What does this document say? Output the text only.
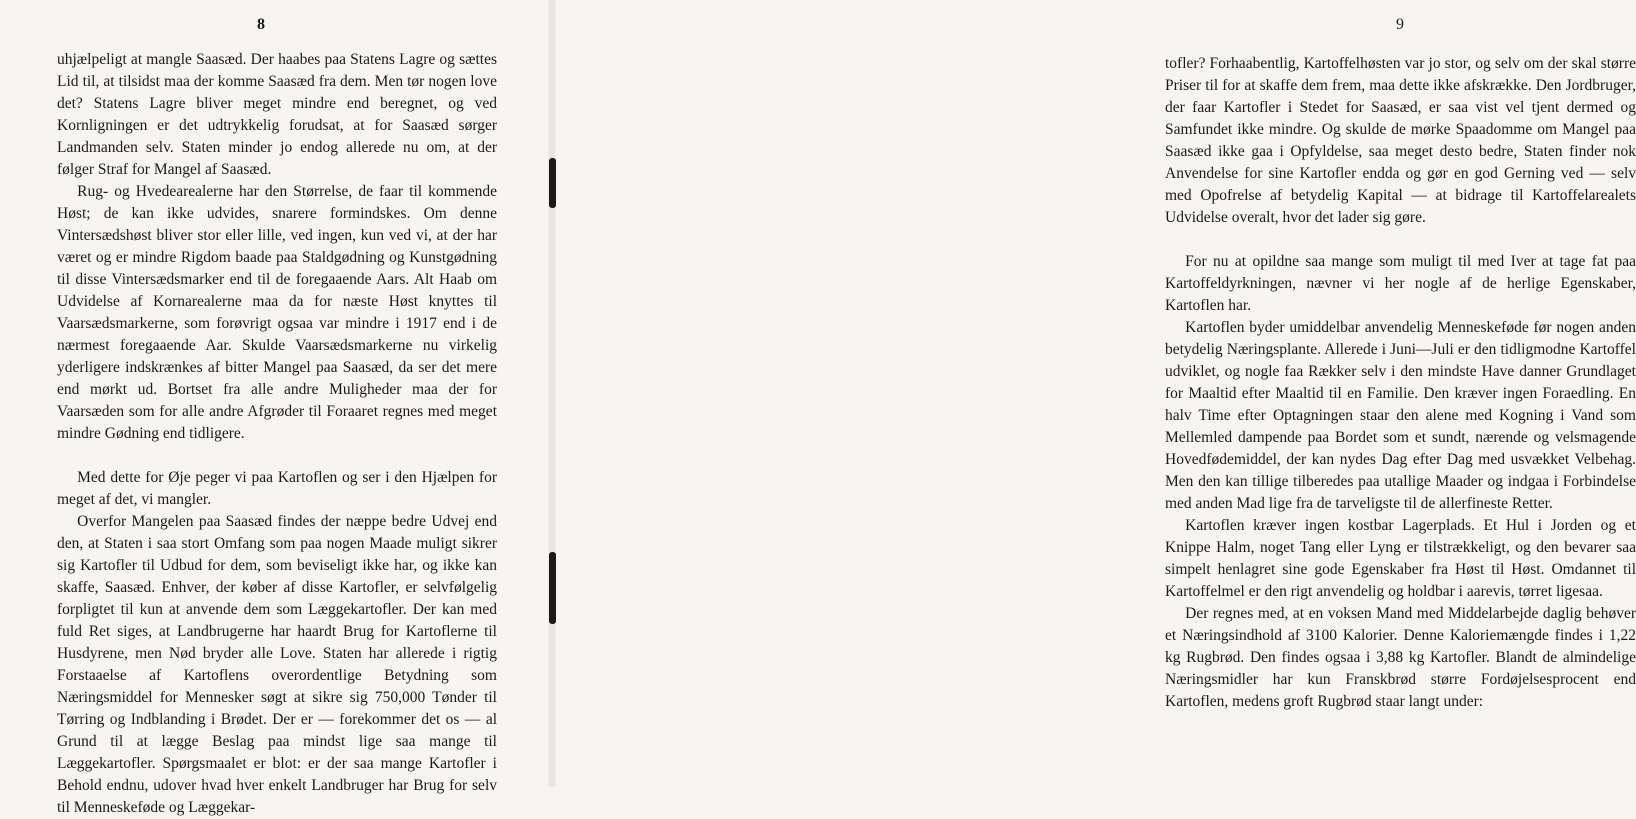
8

uhjælpeligt at mangle Saasæd. Der haabes paa Statens Lagre og sættes Lid til, at tilsidst maa der komme Saasæd fra dem. Men tør nogen love det? Statens Lagre bliver meget mindre end beregnet, og ved Kornligningen er det udtrykkelig forudsat, at for Saasæd sørger Landmanden selv. Staten minder jo endog allerede nu om, at der følger Straf for Mangel af Saasæd.

Rug- og Hvedearealerne har den Størrelse, de faar til kommende Høst; de kan ikke udvides, snarere formindskes. Om denne Vintersædshøst bliver stor eller lille, ved ingen, kun ved vi, at der har været og er mindre Rigdom baade paa Staldgødning og Kunstgødning til disse Vintersædsmarker end til de foregaaende Aars. Alt Haab om Udvidelse af Kornarealerne maa da for næste Høst knyttes til Vaarsædsmarkerne, som forøvrigt ogsaa var mindre i 1917 end i de nærmest foregaaende Aar. Skulde Vaarsædsmarkerne nu virkelig yderligere indskrænkes af bitter Mangel paa Saasæd, da ser det mere end mørkt ud. Bortset fra alle andre Muligheder maa der for Vaarsæden som for alle andre Afgrøder til Foraaret regnes med meget mindre Gødning end tidligere.

Med dette for Øje peger vi paa Kartoflen og ser i den Hjælpen for meget af det, vi mangler.

Overfor Mangelen paa Saasæd findes der næppe bedre Udvej end den, at Staten i saa stort Omfang som paa nogen Maade muligt sikrer sig Kartofler til Udbud for dem, som beviseligt ikke har, og ikke kan skaffe, Saasæd. Enhver, der køber af disse Kartofler, er selvfølgelig forpligtet til kun at anvende dem som Læggekartofler. Der kan med fuld Ret siges, at Landbrugerne har haardt Brug for Kartoflerne til Husdyrene, men Nød bryder alle Love. Staten har allerede i rigtig Forstaaelse af Kartoflens overordentlige Betydning som Næringsmiddel for Mennesker søgt at sikre sig 750,000 Tønder til Tørring og Indblanding i Brødet. Der er — forekommer det os — al Grund til at lægge Beslag paa mindst lige saa mange til Læggekartofler. Spørgsmaalet er blot: er der saa mange Kartofler i Behold endnu, udover hvad hver enkelt Landbruger har Brug for selv til Menneskeføde og Læggekar-

9

tofler? Forhaabentlig, Kartoffelhøsten var jo stor, og selv om der skal større Priser til for at skaffe dem frem, maa dette ikke afskrække. Den Jordbruger, der faar Kartofler i Stedet for Saasæd, er saa vist vel tjent dermed og Samfundet ikke mindre. Og skulde de mørke Spaadomme om Mangel paa Saasæd ikke gaa i Opfyldelse, saa meget desto bedre, Staten finder nok Anvendelse for sine Kartofler endda og gør en god Gerning ved — selv med Opofrelse af betydelig Kapital — at bidrage til Kartoffelarealets Udvidelse overalt, hvor det lader sig gøre.

For nu at opildne saa mange som muligt til med Iver at tage fat paa Kartoffeldyrkningen, nævner vi her nogle af de herlige Egenskaber, Kartoflen har.

Kartoflen byder umiddelbar anvendelig Menneskeføde før nogen anden betydelig Næringsplante. Allerede i Juni—Juli er den tidligmodne Kartoffel udviklet, og nogle faa Rækker selv i den mindste Have danner Grundlaget for Maaltid efter Maaltid til en Familie. Den kræver ingen Foraedling. En halv Time efter Optagningen staar den alene med Kogning i Vand som Mellemled dampende paa Bordet som et sundt, nærende og velsmagende Hovedfødemiddel, der kan nydes Dag efter Dag med usvækket Velbehag. Men den kan tillige tilberedes paa utallige Maader og indgaa i Forbindelse med anden Mad lige fra de tarveligste til de allerfineste Retter.

Kartoflen kræver ingen kostbar Lagerplads. Et Hul i Jorden og et Knippe Halm, noget Tang eller Lyng er tilstrækkeligt, og den bevarer saa simpelt henlagret sine gode Egenskaber fra Høst til Høst. Omdannet til Kartoffelmel er den rigt anvendelig og holdbar i aarevis, tørret ligesaa.

Der regnes med, at en voksen Mand med Middelarbejde daglig behøver et Næringsindhold af 3100 Kalorier. Denne Kaloriemængde findes i 1,22 kg Rugbrød. Den findes ogsaa i 3,88 kg Kartofler. Blandt de almindelige Næringsmidler har kun Franskbrød større Fordøjelsesprocent end Kartoflen, medens groft Rugbrød staar langt under:
